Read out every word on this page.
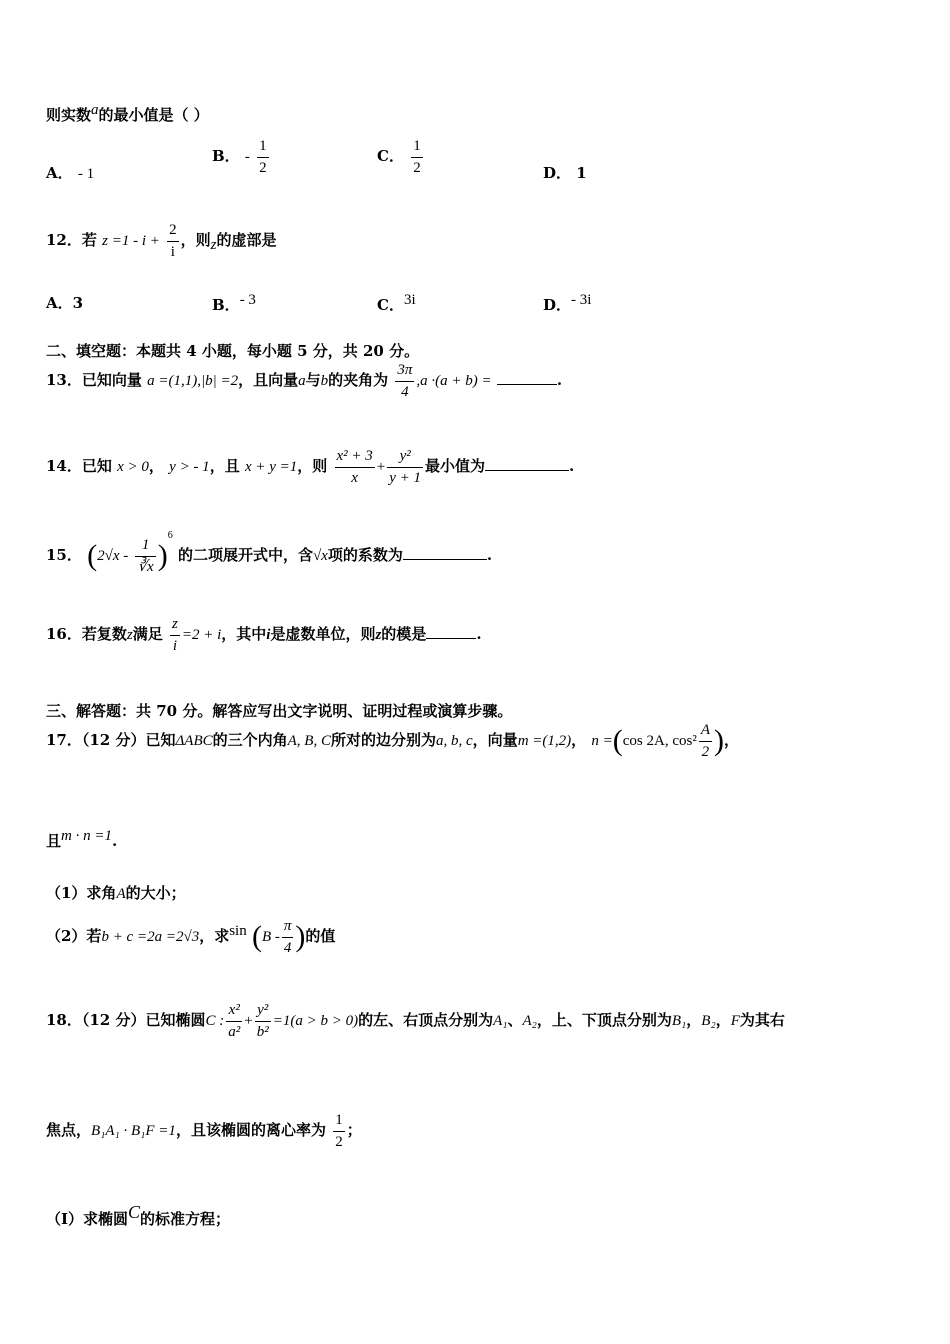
则实数$^a$的最小值是（ ）
A． - 1
B． - $\frac{1}{2}$	C． $\frac{1}{2}$	D． 1
12．若 $z =1 - i + \frac{2}{i}$ ，则$_z$的虚部是
A．3	B．$^{- 3}$	C．$^{3i}$	D．$^{- 3i}$
二、填空题：本题共 4 小题，每小题 5 分，共 20 分。
13．已知向量 a =(1,1),|b| =2，且向量a与b的夹角为 $\frac{3\pi}{4} ,a \cdot(a + b)$ =	.
14．已知 x > 0， y > - 1，且 x + y =1，则 $\frac{\text{x² + 3}}{x} + \frac{\text{y²}}{y + 1}$ 最小值为	.
15． $(2√x - \frac{1}{∛x} )^6$ 的二项展开式中，含√x项的系数为	.
16．若复数z满足 $\frac{z}{i} =2 + i$，其中i是虚数单位，则z的模是	.
三、解答题：共 70 分。解答应写出文字说明、证明过程或演算步骤。
17．（12 分）已知ΔABC的三个内角A, B, C所对的边分别为a, b, c，向量m =(1,2)， n =(cos 2A, $\cos^2 \frac{A}{2}$ )，
且$^{m \cdot n =1}$.
（1）求角A的大小；
（2）若b + c =2a =2√3，求$^{sin}$ ($B - \frac{\pi}{4}$ )的值
18．（12 分）已知椭圆C : $\frac{\text{x²}}{\text{a²}} + \frac{\text{y²}}{\text{b²}} =1(a > b > 0)$的左、右顶点分别为A₁、A₂，上、下顶点分别为B₁，B₂，F为其右
焦点，B₁A₁ · B₁F =1，且该椭圆的离心率为 $\frac{1}{2}$ ；
（Ⅰ）求椭圆$^C$的标准方程；
